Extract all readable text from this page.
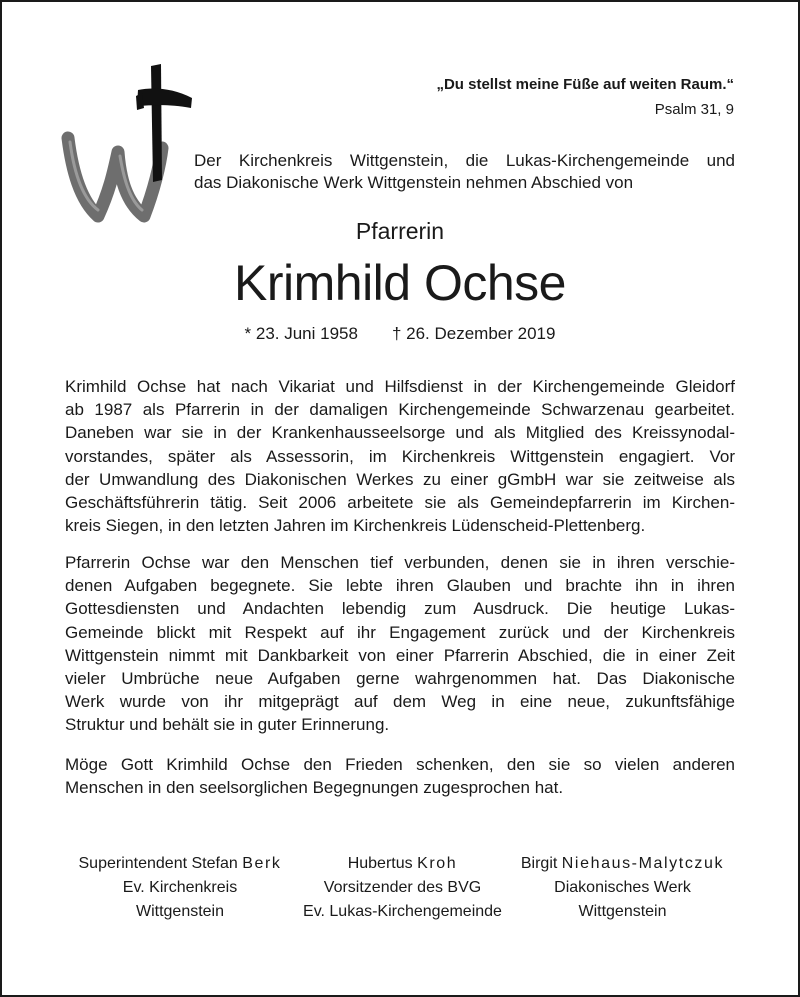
„Du stellst meine Füße auf weiten Raum.“
Psalm 31, 9
Der Kirchenkreis Wittgenstein, die Lukas-Kirchengemeinde und
das Diakonische Werk Wittgenstein nehmen Abschied von
Pfarrerin
Krimhild Ochse
* 23. Juni 1958 † 26. Dezember 2019
Krimhild Ochse hat nach Vikariat und Hilfsdienst in der Kirchengemeinde Gleidorf
ab 1987 als Pfarrerin in der damaligen Kirchengemeinde Schwarzenau gearbeitet.
Daneben war sie in der Krankenhausseelsorge und als Mitglied des Kreissynodal-
vorstandes, später als Assessorin, im Kirchenkreis Wittgenstein engagiert. Vor
der Umwandlung des Diakonischen Werkes zu einer gGmbH war sie zeitweise als
Geschäftsführerin tätig. Seit 2006 arbeitete sie als Gemeindepfarrerin im Kirchen-
kreis Siegen, in den letzten Jahren im Kirchenkreis Lüdenscheid-Plettenberg.
Pfarrerin Ochse war den Menschen tief verbunden, denen sie in ihren verschie-
denen Aufgaben begegnete. Sie lebte ihren Glauben und brachte ihn in ihren
Gottesdiensten und Andachten lebendig zum Ausdruck. Die heutige Lukas-
Gemeinde blickt mit Respekt auf ihr Engagement zurück und der Kirchenkreis
Wittgenstein nimmt mit Dankbarkeit von einer Pfarrerin Abschied, die in einer Zeit
vieler Umbrüche neue Aufgaben gerne wahrgenommen hat. Das Diakonische
Werk wurde von ihr mitgeprägt auf dem Weg in eine neue, zukunftsfähige
Struktur und behält sie in guter Erinnerung.
Möge Gott Krimhild Ochse den Frieden schenken, den sie so vielen anderen
Menschen in den seelsorglichen Begegnungen zugesprochen hat.
Superintendent Stefan Berk
Ev. Kirchenkreis
Wittgenstein
Hubertus Kroh
Vorsitzender des BVG
Ev. Lukas-Kirchengemeinde
Birgit Niehaus-Malytczuk
Diakonisches Werk
Wittgenstein
